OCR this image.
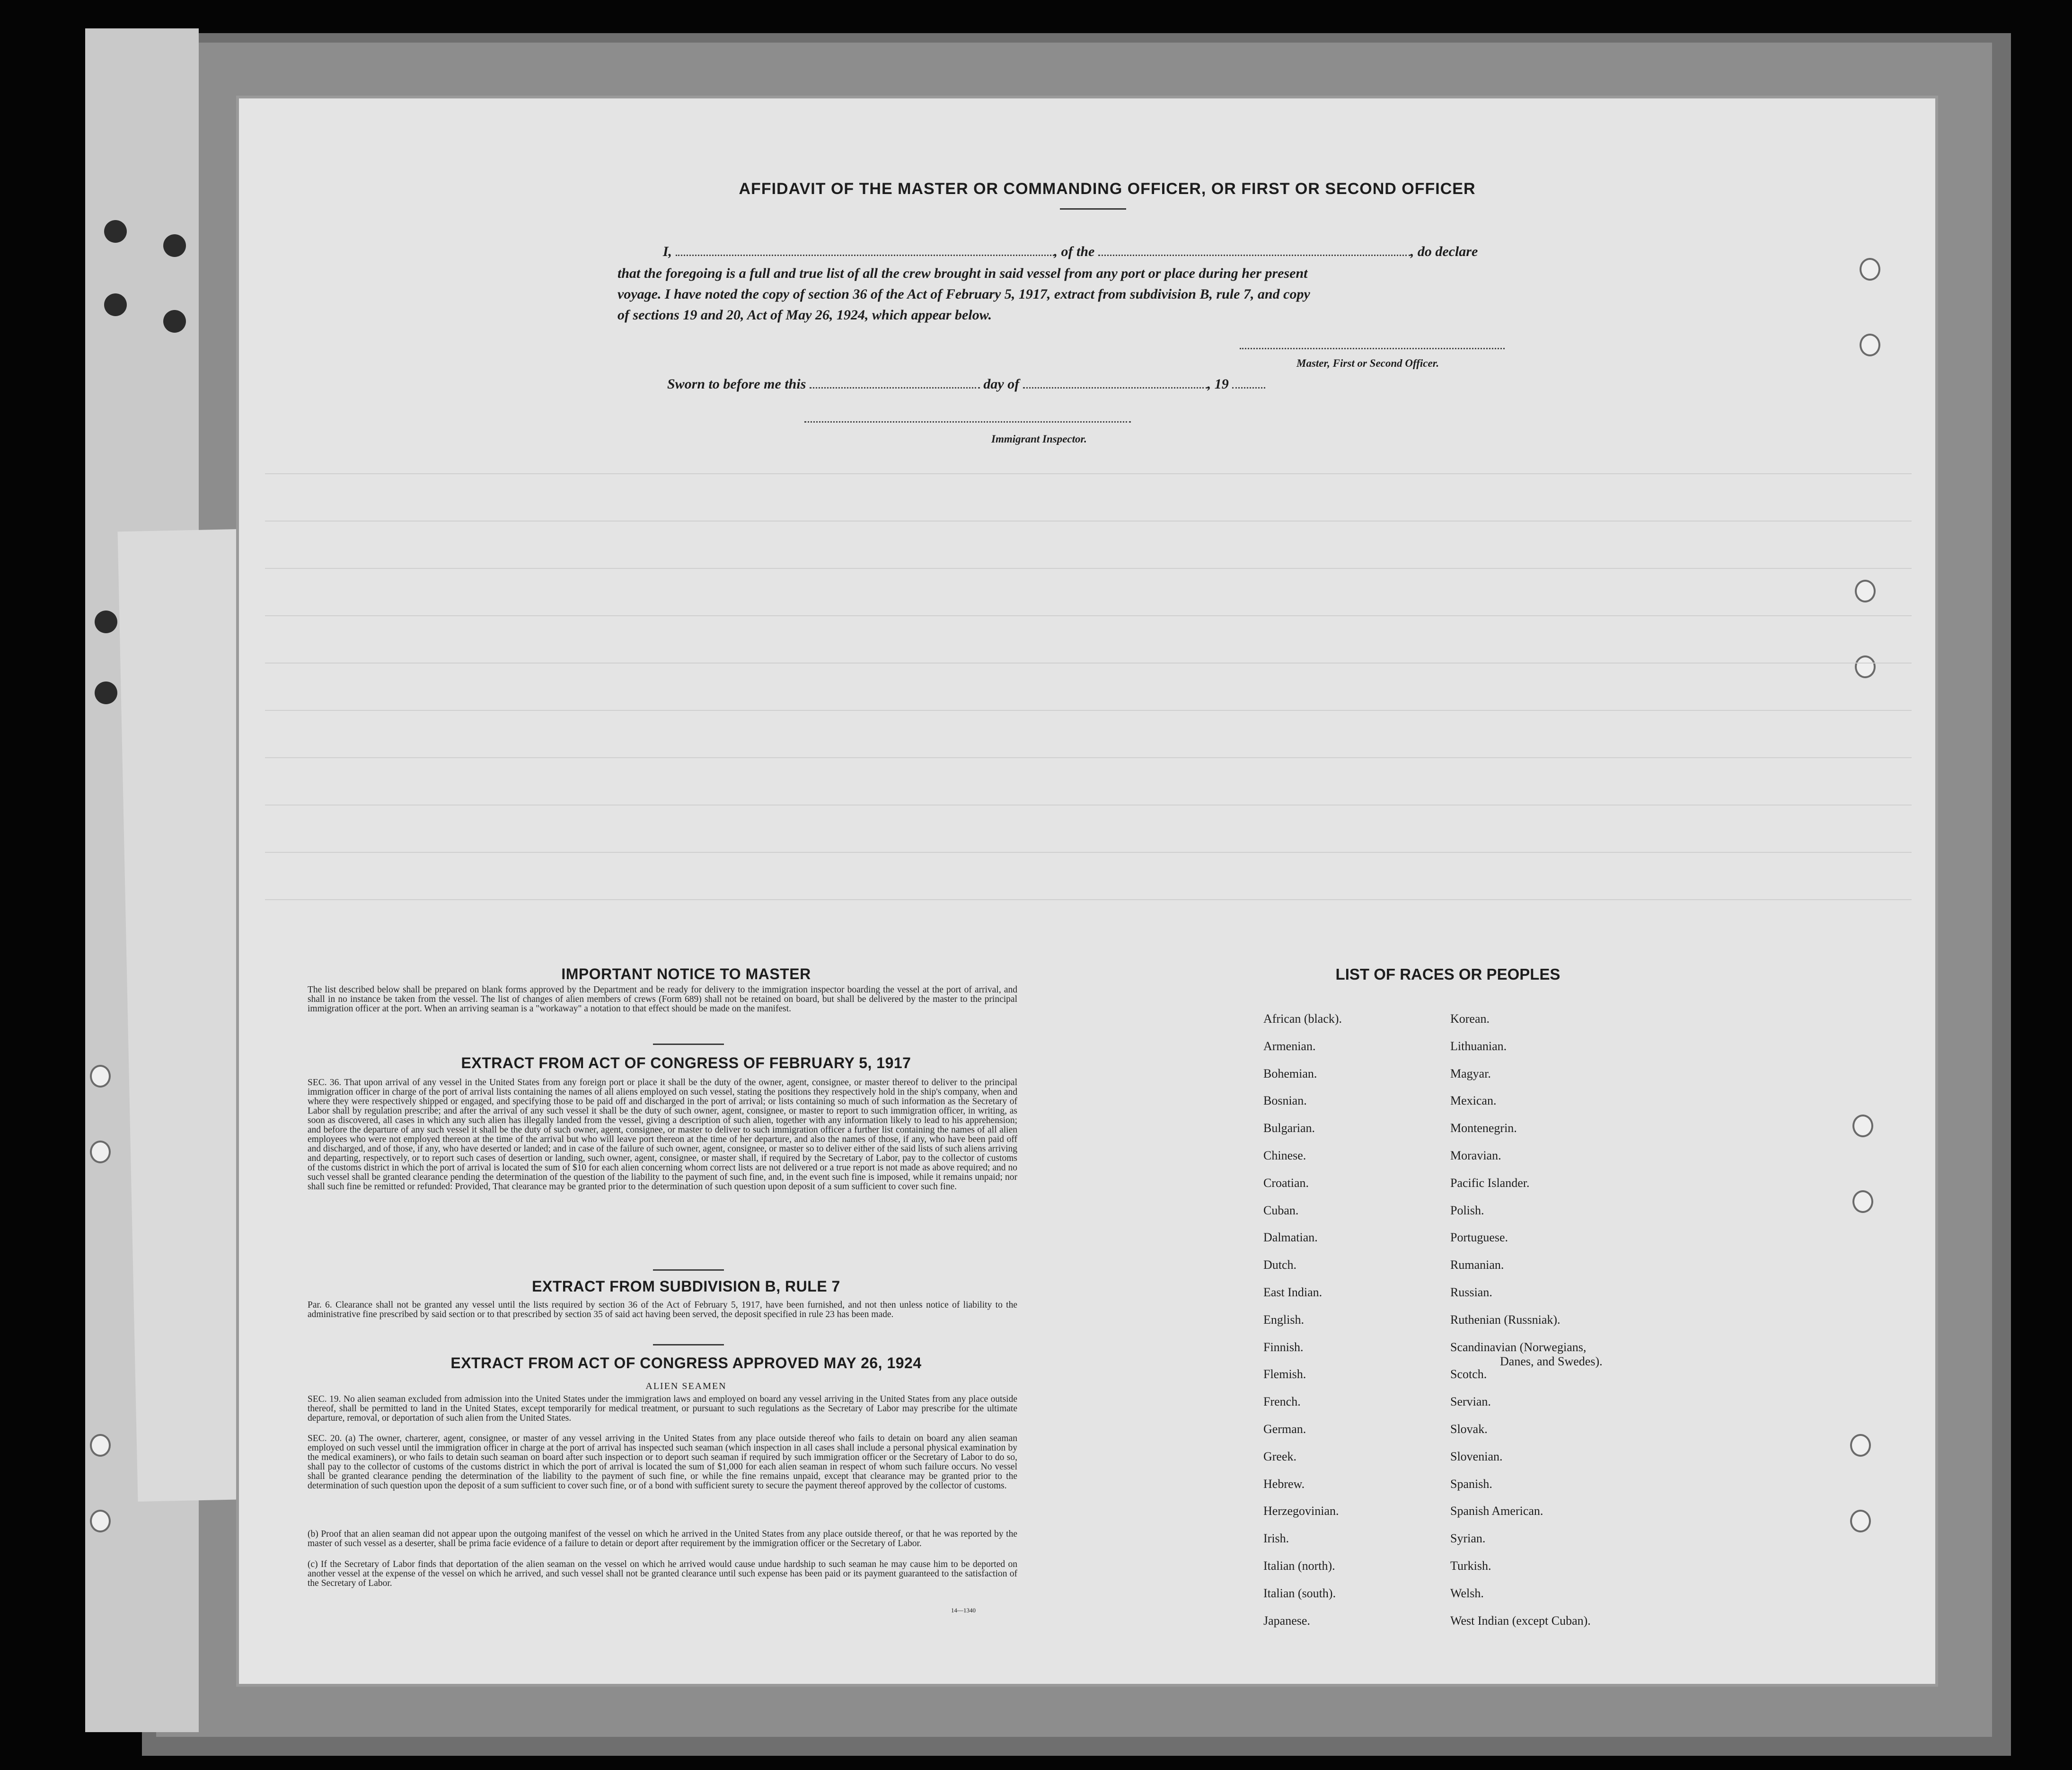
AFFIDAVIT OF THE MASTER OR COMMANDING OFFICER, OR FIRST OR SECOND OFFICER
I,	, of the	, do declare
that the foregoing is a full and true list of all the crew brought in said vessel from any port or place during her present
voyage. I have noted the copy of section 36 of the Act of February 5, 1917, extract from subdivision B, rule 7, and copy
of sections 19 and 20, Act of May 26, 1924, which appear below.
Master, First or Second Officer.
Sworn to before me this	day of	, 19
Immigrant Inspector.
IMPORTANT NOTICE TO MASTER
The list described below shall be prepared on blank forms approved by the Department and be ready for delivery to the immigration inspector boarding the vessel at the port of arrival, and shall in no instance be taken from the vessel. The list of changes of alien members of crews (Form 689) shall not be retained on board, but shall be delivered by the master to the principal immigration officer at the port. When an arriving seaman is a "workaway" a notation to that effect should be made on the manifest.
EXTRACT FROM ACT OF CONGRESS OF FEBRUARY 5, 1917
SEC. 36. That upon arrival of any vessel in the United States from any foreign port or place it shall be the duty of the owner, agent, consignee, or master thereof to deliver to the principal immigration officer in charge of the port of arrival lists containing the names of all aliens employed on such vessel, stating the positions they respectively hold in the ship's company, when and where they were respectively shipped or engaged, and specifying those to be paid off and discharged in the port of arrival; or lists containing so much of such information as the Secretary of Labor shall by regulation prescribe; and after the arrival of any such vessel it shall be the duty of such owner, agent, consignee, or master to report to such immigration officer, in writing, as soon as discovered, all cases in which any such alien has illegally landed from the vessel, giving a description of such alien, together with any information likely to lead to his apprehension; and before the departure of any such vessel it shall be the duty of such owner, agent, consignee, or master to deliver to such immigration officer a further list containing the names of all alien employees who were not employed thereon at the time of the arrival but who will leave port thereon at the time of her departure, and also the names of those, if any, who have been paid off and discharged, and of those, if any, who have deserted or landed; and in case of the failure of such owner, agent, consignee, or master so to deliver either of the said lists of such aliens arriving and departing, respectively, or to report such cases of desertion or landing, such owner, agent, consignee, or master shall, if required by the Secretary of Labor, pay to the collector of customs of the customs district in which the port of arrival is located the sum of $10 for each alien concerning whom correct lists are not delivered or a true report is not made as above required; and no such vessel shall be granted clearance pending the determination of the question of the liability to the payment of such fine, and, in the event such fine is imposed, while it remains unpaid; nor shall such fine be remitted or refunded: Provided, That clearance may be granted prior to the determination of such question upon deposit of a sum sufficient to cover such fine.
EXTRACT FROM SUBDIVISION B, RULE 7
Par. 6. Clearance shall not be granted any vessel until the lists required by section 36 of the Act of February 5, 1917, have been furnished, and not then unless notice of liability to the administrative fine prescribed by said section or to that prescribed by section 35 of said act having been served, the deposit specified in rule 23 has been made.
EXTRACT FROM ACT OF CONGRESS APPROVED MAY 26, 1924
ALIEN SEAMEN
SEC. 19. No alien seaman excluded from admission into the United States under the immigration laws and employed on board any vessel arriving in the United States from any place outside thereof, shall be permitted to land in the United States, except temporarily for medical treatment, or pursuant to such regulations as the Secretary of Labor may prescribe for the ultimate departure, removal, or deportation of such alien from the United States.
SEC. 20. (a) The owner, charterer, agent, consignee, or master of any vessel arriving in the United States from any place outside thereof who fails to detain on board any alien seaman employed on such vessel until the immigration officer in charge at the port of arrival has inspected such seaman (which inspection in all cases shall include a personal physical examination by the medical examiners), or who fails to detain such seaman on board after such inspection or to deport such seaman if required by such immigration officer or the Secretary of Labor to do so, shall pay to the collector of customs of the customs district in which the port of arrival is located the sum of $1,000 for each alien seaman in respect of whom such failure occurs. No vessel shall be granted clearance pending the determination of the liability to the payment of such fine, or while the fine remains unpaid, except that clearance may be granted prior to the determination of such question upon the deposit of a sum sufficient to cover such fine, or of a bond with sufficient surety to secure the payment thereof approved by the collector of customs.
(b) Proof that an alien seaman did not appear upon the outgoing manifest of the vessel on which he arrived in the United States from any place outside thereof, or that he was reported by the master of such vessel as a deserter, shall be prima facie evidence of a failure to detain or deport after requirement by the immigration officer or the Secretary of Labor.
(c) If the Secretary of Labor finds that deportation of the alien seaman on the vessel on which he arrived would cause undue hardship to such seaman he may cause him to be deported on another vessel at the expense of the vessel on which he arrived, and such vessel shall not be granted clearance until such expense has been paid or its payment guaranteed to the satisfaction of the Secretary of Labor.
14—1340
LIST OF RACES OR PEOPLES
African (black).
Armenian.
Bohemian.
Bosnian.
Bulgarian.
Chinese.
Croatian.
Cuban.
Dalmatian.
Dutch.
East Indian.
English.
Finnish.
Flemish.
French.
German.
Greek.
Hebrew.
Herzegovinian.
Irish.
Italian (north).
Italian (south).
Japanese.
Korean.
Lithuanian.
Magyar.
Mexican.
Montenegrin.
Moravian.
Pacific Islander.
Polish.
Portuguese.
Rumanian.
Russian.
Ruthenian (Russniak).
Scandinavian (Norwegians,
Danes, and Swedes).
Scotch.
Servian.
Slovak.
Slovenian.
Spanish.
Spanish American.
Syrian.
Turkish.
Welsh.
West Indian (except Cuban).
